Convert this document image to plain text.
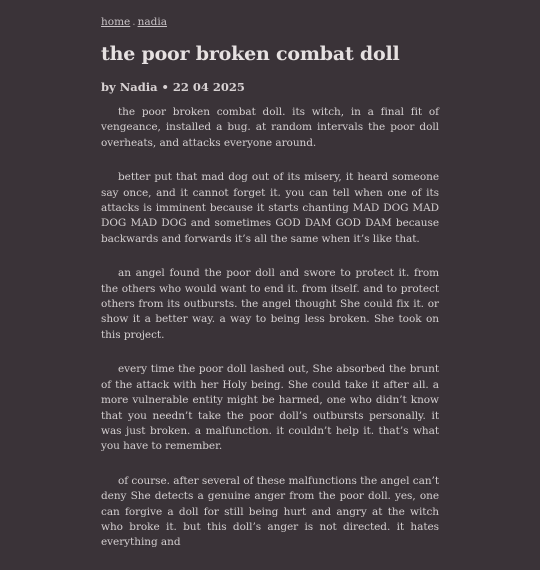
home . nadia
the poor broken combat doll
by Nadia • 22 04 2025

the poor broken combat doll. its witch, in a final fit of vengeance, installed a bug. at random intervals the poor doll overheats, and attacks everyone around.

better put that mad dog out of its misery, it heard someone say once, and it cannot forget it. you can tell when one of its attacks is imminent because it starts chanting MAD DOG MAD DOG MAD DOG and sometimes GOD DAM GOD DAM because backwards and forwards it’s all the same when it’s like that.

an angel found the poor doll and swore to protect it. from the others who would want to end it. from itself. and to protect others from its outbursts. the angel thought She could fix it. or show it a better way. a way to being less broken. She took on this project.

every time the poor doll lashed out, She absorbed the brunt of the attack with her Holy being. She could take it after all. a more vulnerable entity might be harmed, one who didn’t know that you needn’t take the poor doll’s outbursts personally. it was just broken. a malfunction. it couldn’t help it. that’s what you have to remember.

of course. after several of these malfunctions the angel can’t deny She detects a genuine anger from the poor doll. yes, one can forgive a doll for still being hurt and angry at the witch who broke it. but this doll’s anger is not directed. it hates everything and
